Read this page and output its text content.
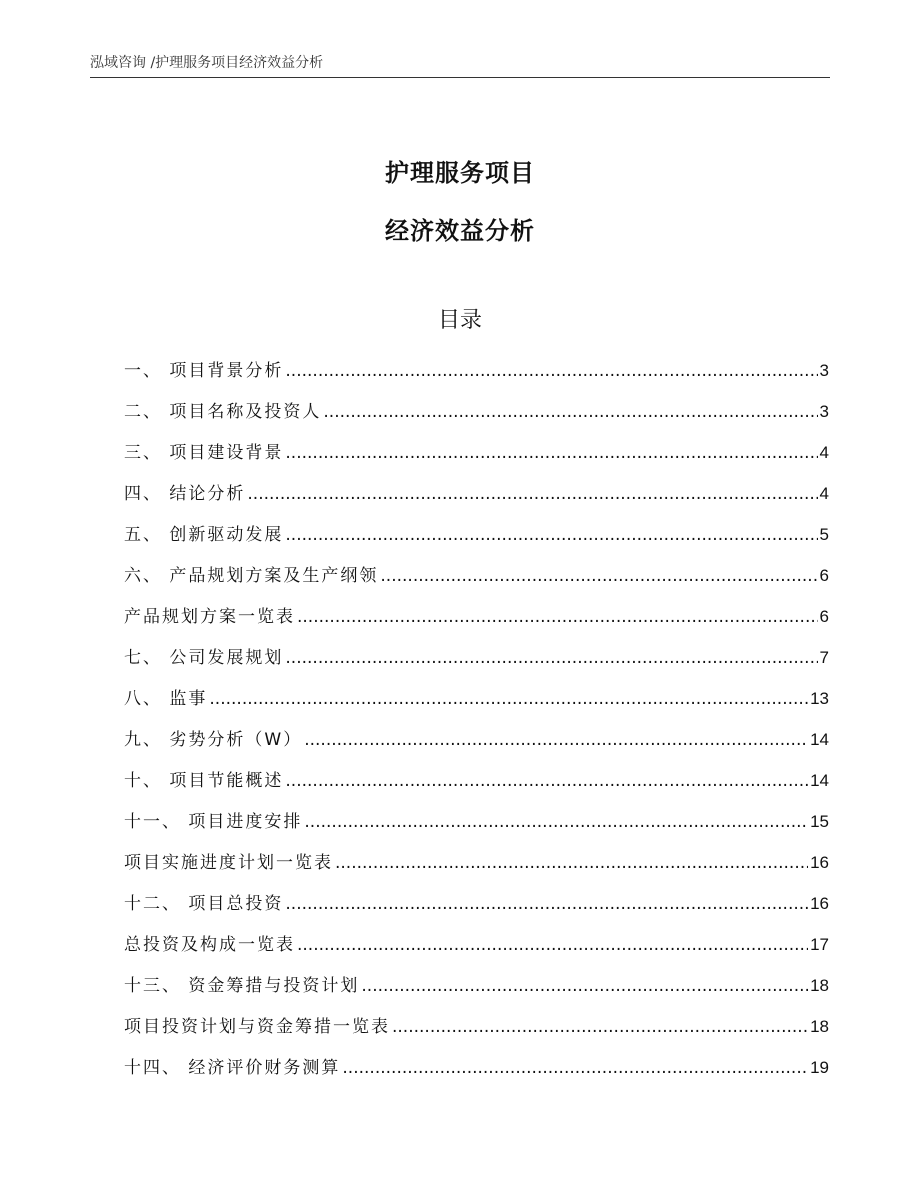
泓域咨询 /护理服务项目经济效益分析
护理服务项目
经济效益分析
目录
一、 项目背景分析 .....	3
二、 项目名称及投资人 .....	3
三、 项目建设背景 .....	4
四、 结论分析 .....	4
五、 创新驱动发展 .....	5
六、 产品规划方案及生产纲领 .....	6
产品规划方案一览表 .....	6
七、 公司发展规划 .....	7
八、 监事 .....	13
九、 劣势分析（W） .....	14
十、 项目节能概述 .....	14
十一、 项目进度安排 .....	15
项目实施进度计划一览表 .....	16
十二、 项目总投资 .....	16
总投资及构成一览表 .....	17
十三、 资金筹措与投资计划 .....	18
项目投资计划与资金筹措一览表 .....	18
十四、 经济评价财务测算 .....	19
